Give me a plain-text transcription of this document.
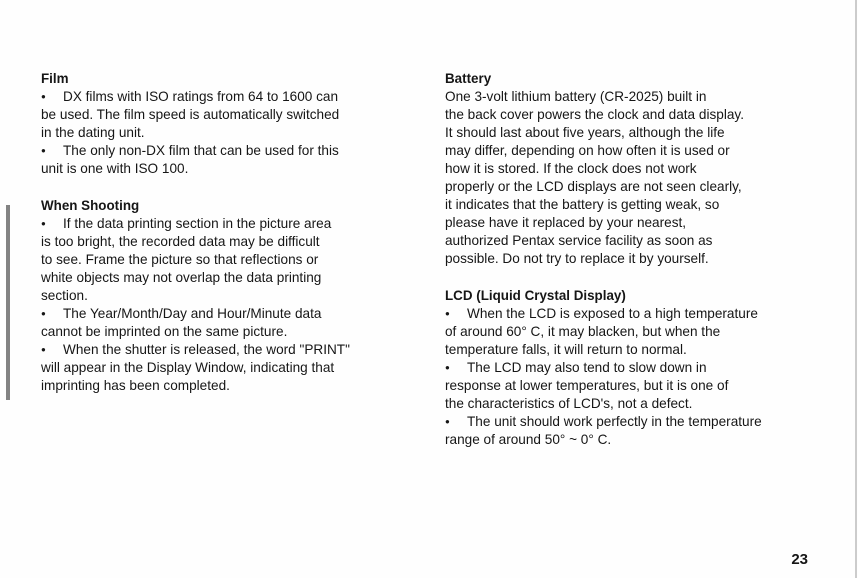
Film

● DX films with ISO ratings from 64 to 1600 can

be used. The film speed is automatically switched

in the dating unit.

● The only non-DX film that can be used for this

unit is one with ISO 100.

When Shooting

● If the data printing section in the picture area

is too bright, the recorded data may be difficult

to see. Frame the picture so that reflections or

white objects may not overlap the data printing

section.

● The Year/Month/Day and Hour/Minute data

cannot be imprinted on the same picture.

● When the shutter is released, the word "PRINT"

will appear in the Display Window, indicating that

imprinting has been completed.

Battery

One 3-volt lithium battery (CR-2025) built in

the back cover powers the clock and data display.

It should last about five years, although the life

may differ, depending on how often it is used or

how it is stored. If the clock does not work

properly or the LCD displays are not seen clearly,

it indicates that the battery is getting weak, so

please have it replaced by your nearest,

authorized Pentax service facility as soon as

possible. Do not try to replace it by yourself.

LCD (Liquid Crystal Display)

● When the LCD is exposed to a high temperature

of around 60° C, it may blacken, but when the

temperature falls, it will return to normal.

● The LCD may also tend to slow down in

response at lower temperatures, but it is one of

the characteristics of LCD's, not a defect.

● The unit should work perfectly in the temperature

range of around 50° ~ 0° C.

23
